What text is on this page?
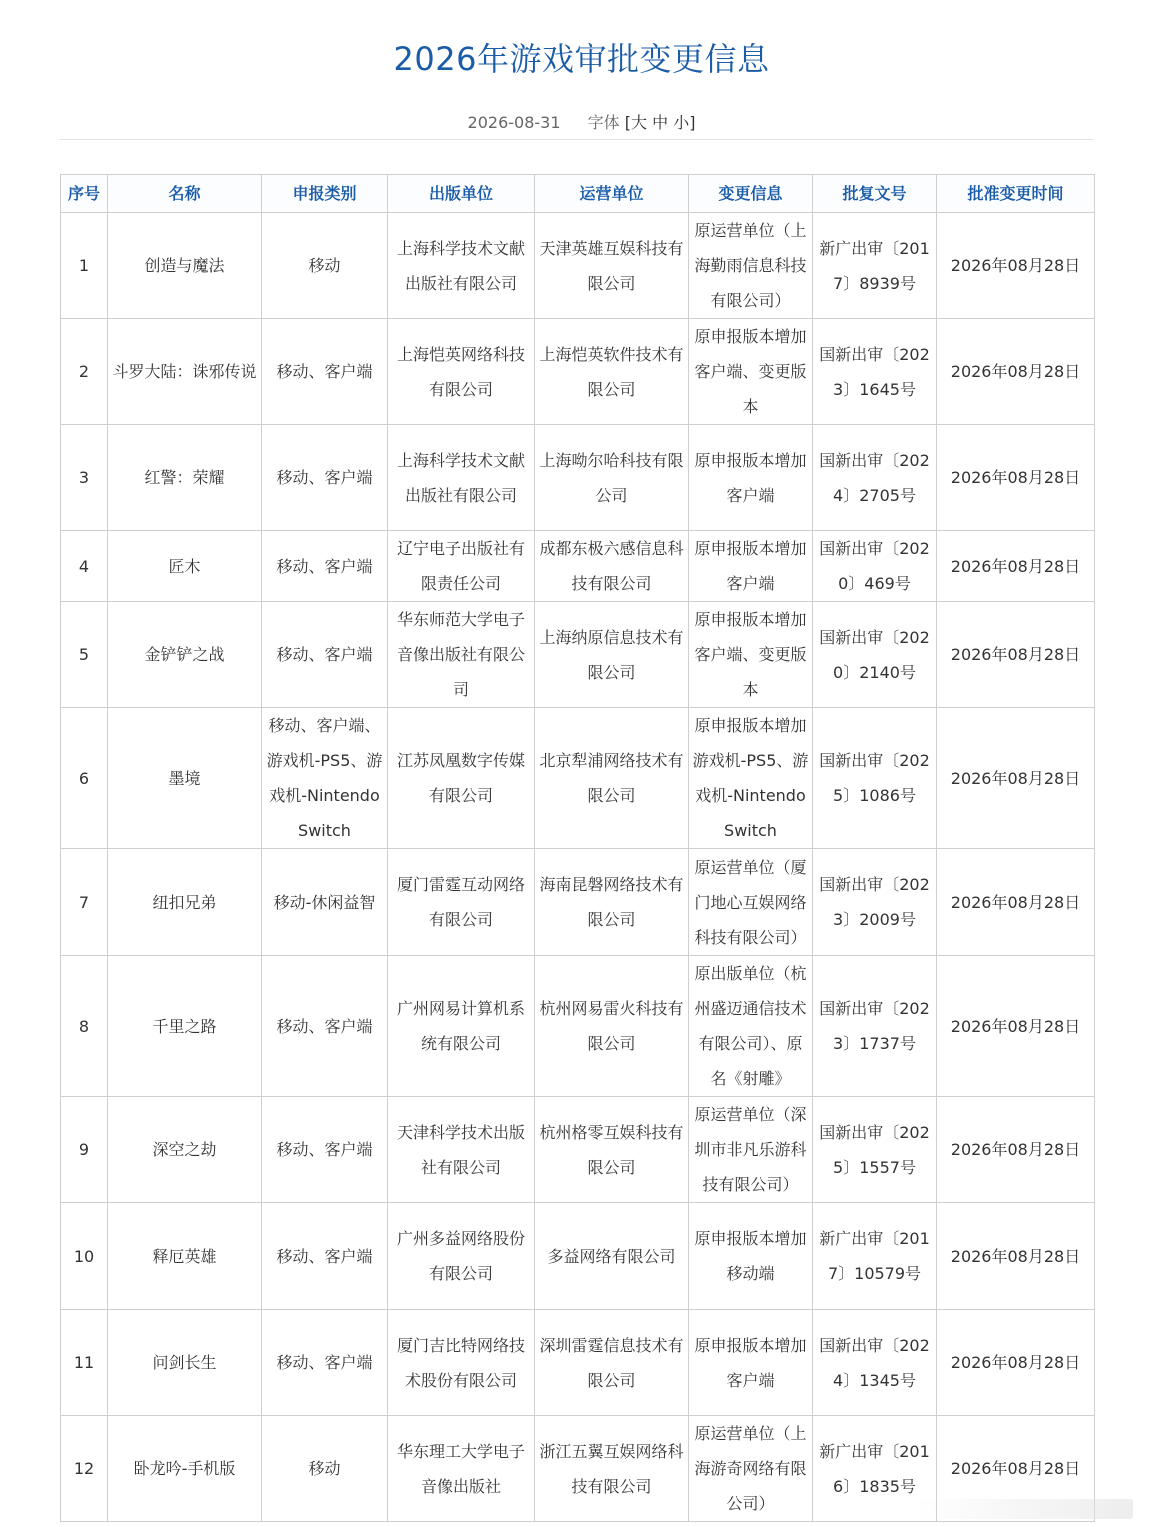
2026年游戏审批变更信息
2026-08-31 字体 [大 中 小]
序号	名称	申报类别	出版单位	运营单位	变更信息	批复文号	批准变更时间
1	创造与魔法	移动	上海科学技术文献出版社有限公司	天津英雄互娱科技有限公司	原运营单位（上海勤雨信息科技有限公司）	新广出审〔2017〕8939号	2026年08月28日
2	斗罗大陆：诛邪传说	移动、客户端	上海恺英网络科技有限公司	上海恺英软件技术有限公司	原申报版本增加客户端、变更版本	国新出审〔2023〕1645号	2026年08月28日
3	红警：荣耀	移动、客户端	上海科学技术文献出版社有限公司	上海呦尔哈科技有限公司	原申报版本增加客户端	国新出审〔2024〕2705号	2026年08月28日
4	匠木	移动、客户端	辽宁电子出版社有限责任公司	成都东极六感信息科技有限公司	原申报版本增加客户端	国新出审〔2020〕469号	2026年08月28日
5	金铲铲之战	移动、客户端	华东师范大学电子音像出版社有限公司	上海纳原信息技术有限公司	原申报版本增加客户端、变更版本	国新出审〔2020〕2140号	2026年08月28日
6	墨境	移动、客户端、游戏机-PS5、游戏机-Nintendo Switch	江苏凤凰数字传媒有限公司	北京犁浦网络技术有限公司	原申报版本增加游戏机-PS5、游戏机-Nintendo Switch	国新出审〔2025〕1086号	2026年08月28日
7	纽扣兄弟	移动-休闲益智	厦门雷霆互动网络有限公司	海南昆磐网络技术有限公司	原运营单位（厦门地心互娱网络科技有限公司）	国新出审〔2023〕2009号	2026年08月28日
8	千里之路	移动、客户端	广州网易计算机系统有限公司	杭州网易雷火科技有限公司	原出版单位（杭州盛迈通信技术有限公司）、原名《射雕》	国新出审〔2023〕1737号	2026年08月28日
9	深空之劫	移动、客户端	天津科学技术出版社有限公司	杭州格零互娱科技有限公司	原运营单位（深圳市非凡乐游科技有限公司）	国新出审〔2025〕1557号	2026年08月28日
10	释厄英雄	移动、客户端	广州多益网络股份有限公司	多益网络有限公司	原申报版本增加移动端	新广出审〔2017〕10579号	2026年08月28日
11	问剑长生	移动、客户端	厦门吉比特网络技术股份有限公司	深圳雷霆信息技术有限公司	原申报版本增加客户端	国新出审〔2024〕1345号	2026年08月28日
12	卧龙吟-手机版	移动	华东理工大学电子音像出版社	浙江五翼互娱网络科技有限公司	原运营单位（上海游奇网络有限公司）	新广出审〔2016〕1835号	2026年08月28日
